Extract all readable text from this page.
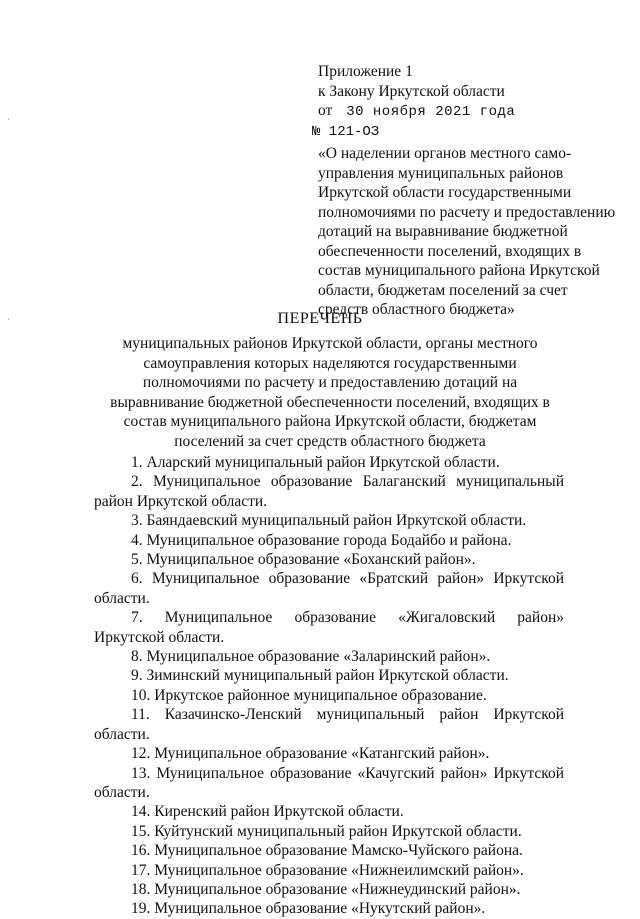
Приложение 1
к Закону Иркутской области
от 30 ноября 2021 года
№ 121-ОЗ
«О наделении органов местного само-управления муниципальных районов Иркутской области государственными полномочиями по расчету и предоставлению дотаций на выравнивание бюджетной обеспеченности поселений, входящих в состав муниципального района Иркутской области, бюджетам поселений за счет средств областного бюджета»
ПЕРЕЧЕНЬ
муниципальных районов Иркутской области, органы местного самоуправления которых наделяются государственными полномочиями по расчету и предоставлению дотаций на выравнивание бюджетной обеспеченности поселений, входящих в состав муниципального района Иркутской области, бюджетам поселений за счет средств областного бюджета
1. Аларский муниципальный район Иркутской области.
2. Муниципальное образование Балаганский муниципальный район Иркутской области.
3. Баяндаевский муниципальный район Иркутской области.
4. Муниципальное образование города Бодайбо и района.
5. Муниципальное образование «Боханский район».
6. Муниципальное образование «Братский район» Иркутской области.
7. Муниципальное образование «Жигаловский район» Иркутской области.
8. Муниципальное образование «Заларинский район».
9. Зиминский муниципальный район Иркутской области.
10. Иркутское районное муниципальное образование.
11. Казачинско-Ленский муниципальный район Иркутской области.
12. Муниципальное образование «Катангский район».
13. Муниципальное образование «Качугский район» Иркутской области.
14. Киренский район Иркутской области.
15. Куйтунский муниципальный район Иркутской области.
16. Муниципальное образование Мамско-Чуйского района.
17. Муниципальное образование «Нижнеилимский район».
18. Муниципальное образование «Нижнеудинский район».
19. Муниципальное образование «Нукутский район».
